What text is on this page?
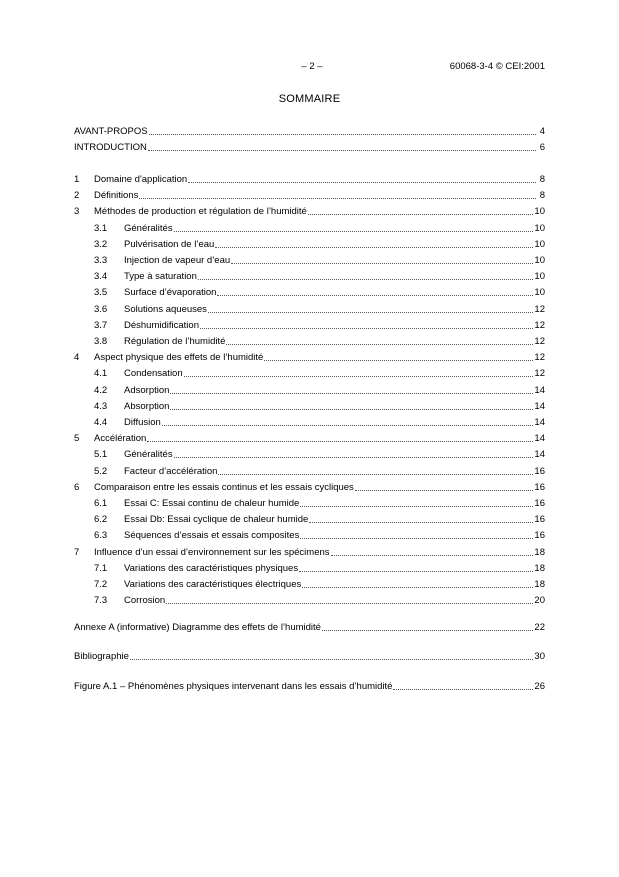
– 2 –	60068-3-4 © CEI:2001
SOMMAIRE
AVANT-PROPOS	4
INTRODUCTION	6
1 Domaine d'application	8
2 Définitions	8
3 Méthodes de production et régulation de l’humidité	10
3.1 Généralités	10
3.2 Pulvérisation de l’eau	10
3.3 Injection de vapeur d’eau	10
3.4 Type à saturation	10
3.5 Surface d’évaporation	10
3.6 Solutions aqueuses	12
3.7 Déshumidification	12
3.8 Régulation de l’humidité	12
4 Aspect physique des effets de l’humidité	12
4.1 Condensation	12
4.2 Adsorption	14
4.3 Absorption	14
4.4 Diffusion	14
5 Accélération	14
5.1 Généralités	14
5.2 Facteur d’accélération	16
6 Comparaison entre les essais continus et les essais cycliques	16
6.1 Essai C: Essai continu de chaleur humide	16
6.2 Essai Db: Essai cyclique de chaleur humide	16
6.3 Séquences d’essais et essais composites	16
7 Influence d’un essai d’environnement sur les spécimens	18
7.1 Variations des caractéristiques physiques	18
7.2 Variations des caractéristiques électriques	18
7.3 Corrosion	20
Annexe A (informative) Diagramme des effets de l’humidité	22
Bibliographie	30
Figure A.1 – Phénomènes physiques intervenant dans les essais d’humidité	26
